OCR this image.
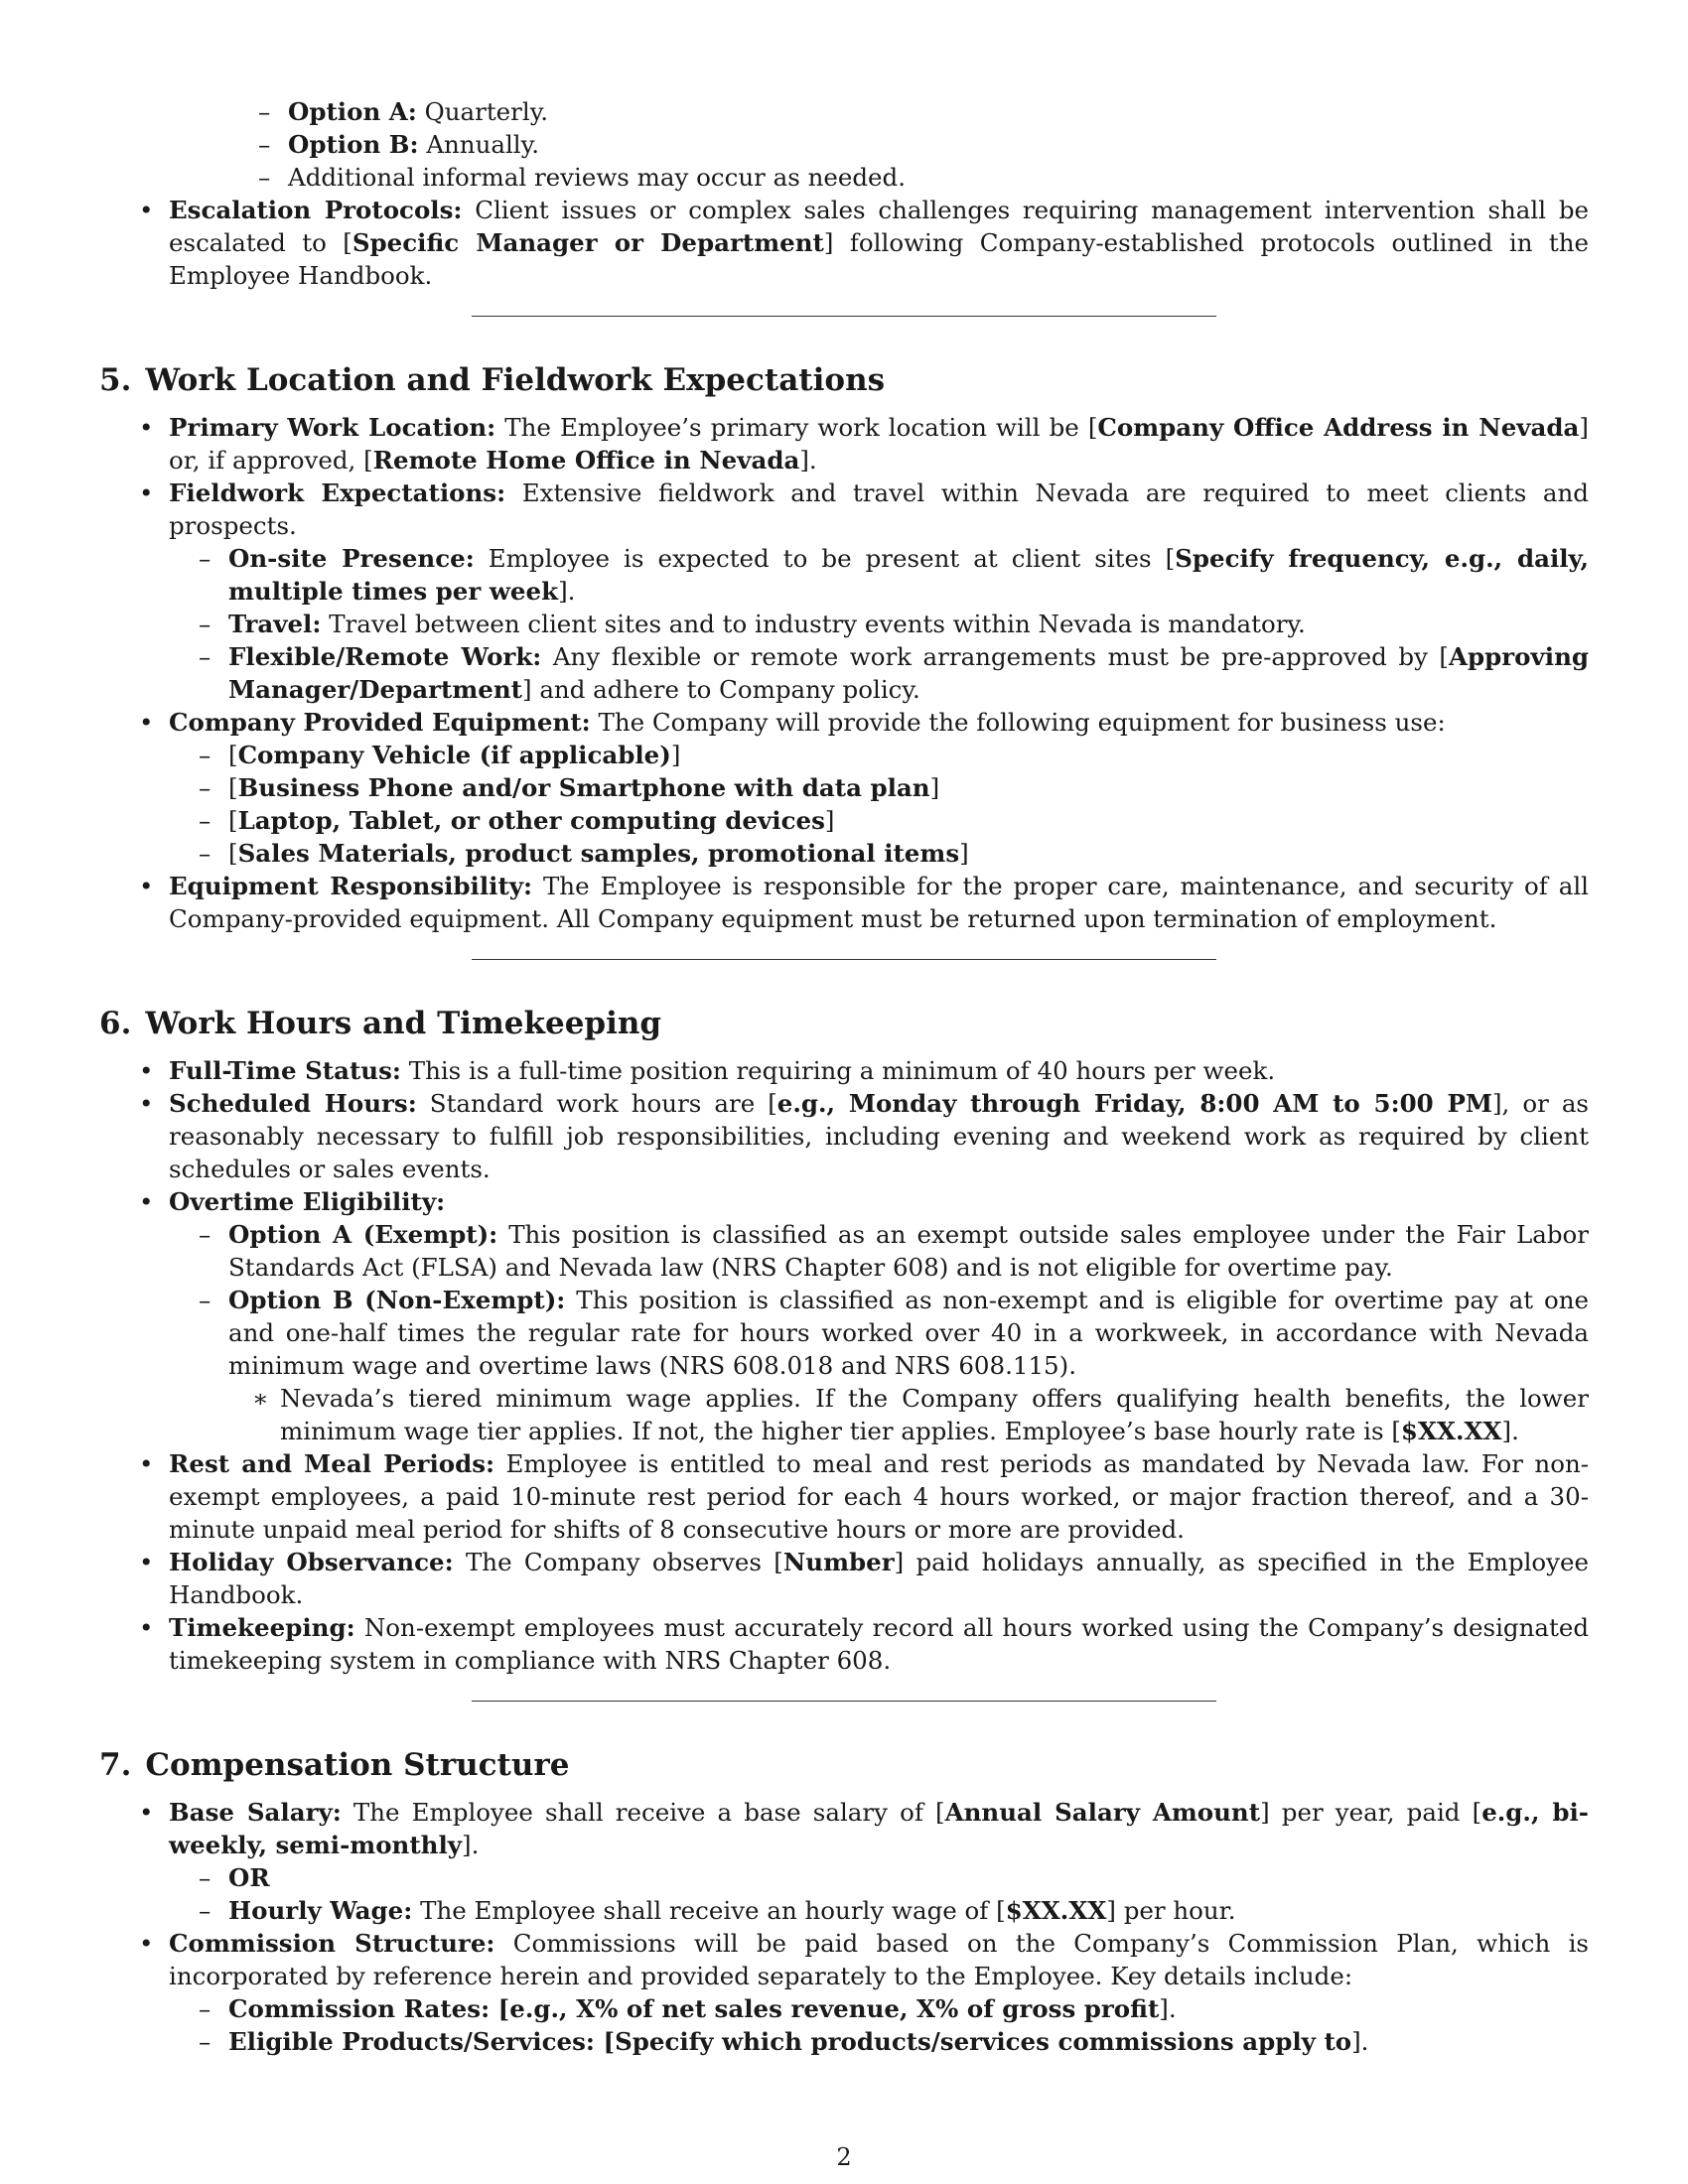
– Option A: Quarterly.
– Option B: Annually.
– Additional informal reviews may occur as needed.
• Escalation Protocols: Client issues or complex sales challenges requiring management intervention shall be escalated to [Specific Manager or Department] following Company-established protocols outlined in the Employee Handbook.
5. Work Location and Fieldwork Expectations
• Primary Work Location: The Employee’s primary work location will be [Company Office Address in Nevada] or, if approved, [Remote Home Office in Nevada].
• Fieldwork Expectations: Extensive fieldwork and travel within Nevada are required to meet clients and prospects.
– On-site Presence: Employee is expected to be present at client sites [Specify frequency, e.g., daily, multiple times per week].
– Travel: Travel between client sites and to industry events within Nevada is mandatory.
– Flexible/Remote Work: Any flexible or remote work arrangements must be pre-approved by [Approving Manager/Department] and adhere to Company policy.
• Company Provided Equipment: The Company will provide the following equipment for business use:
– [Company Vehicle (if applicable)]
– [Business Phone and/or Smartphone with data plan]
– [Laptop, Tablet, or other computing devices]
– [Sales Materials, product samples, promotional items]
• Equipment Responsibility: The Employee is responsible for the proper care, maintenance, and security of all Company-provided equipment. All Company equipment must be returned upon termination of employment.
6. Work Hours and Timekeeping
• Full-Time Status: This is a full-time position requiring a minimum of 40 hours per week.
• Scheduled Hours: Standard work hours are [e.g., Monday through Friday, 8:00 AM to 5:00 PM], or as reasonably necessary to fulfill job responsibilities, including evening and weekend work as required by client schedules or sales events.
• Overtime Eligibility:
– Option A (Exempt): This position is classified as an exempt outside sales employee under the Fair Labor Standards Act (FLSA) and Nevada law (NRS Chapter 608) and is not eligible for overtime pay.
– Option B (Non-Exempt): This position is classified as non-exempt and is eligible for overtime pay at one and one-half times the regular rate for hours worked over 40 in a workweek, in accordance with Nevada minimum wage and overtime laws (NRS 608.018 and NRS 608.115).
∗ Nevada’s tiered minimum wage applies. If the Company offers qualifying health benefits, the lower minimum wage tier applies. If not, the higher tier applies. Employee’s base hourly rate is [$XX.XX].
• Rest and Meal Periods: Employee is entitled to meal and rest periods as mandated by Nevada law. For non-exempt employees, a paid 10-minute rest period for each 4 hours worked, or major fraction thereof, and a 30-minute unpaid meal period for shifts of 8 consecutive hours or more are provided.
• Holiday Observance: The Company observes [Number] paid holidays annually, as specified in the Employee Handbook.
• Timekeeping: Non-exempt employees must accurately record all hours worked using the Company’s designated timekeeping system in compliance with NRS Chapter 608.
7. Compensation Structure
• Base Salary: The Employee shall receive a base salary of [Annual Salary Amount] per year, paid [e.g., bi-weekly, semi-monthly].
– OR
– Hourly Wage: The Employee shall receive an hourly wage of [$XX.XX] per hour.
• Commission Structure: Commissions will be paid based on the Company’s Commission Plan, which is incorporated by reference herein and provided separately to the Employee. Key details include:
– Commission Rates: [e.g., X% of net sales revenue, X% of gross profit].
– Eligible Products/Services: [Specify which products/services commissions apply to].
2
